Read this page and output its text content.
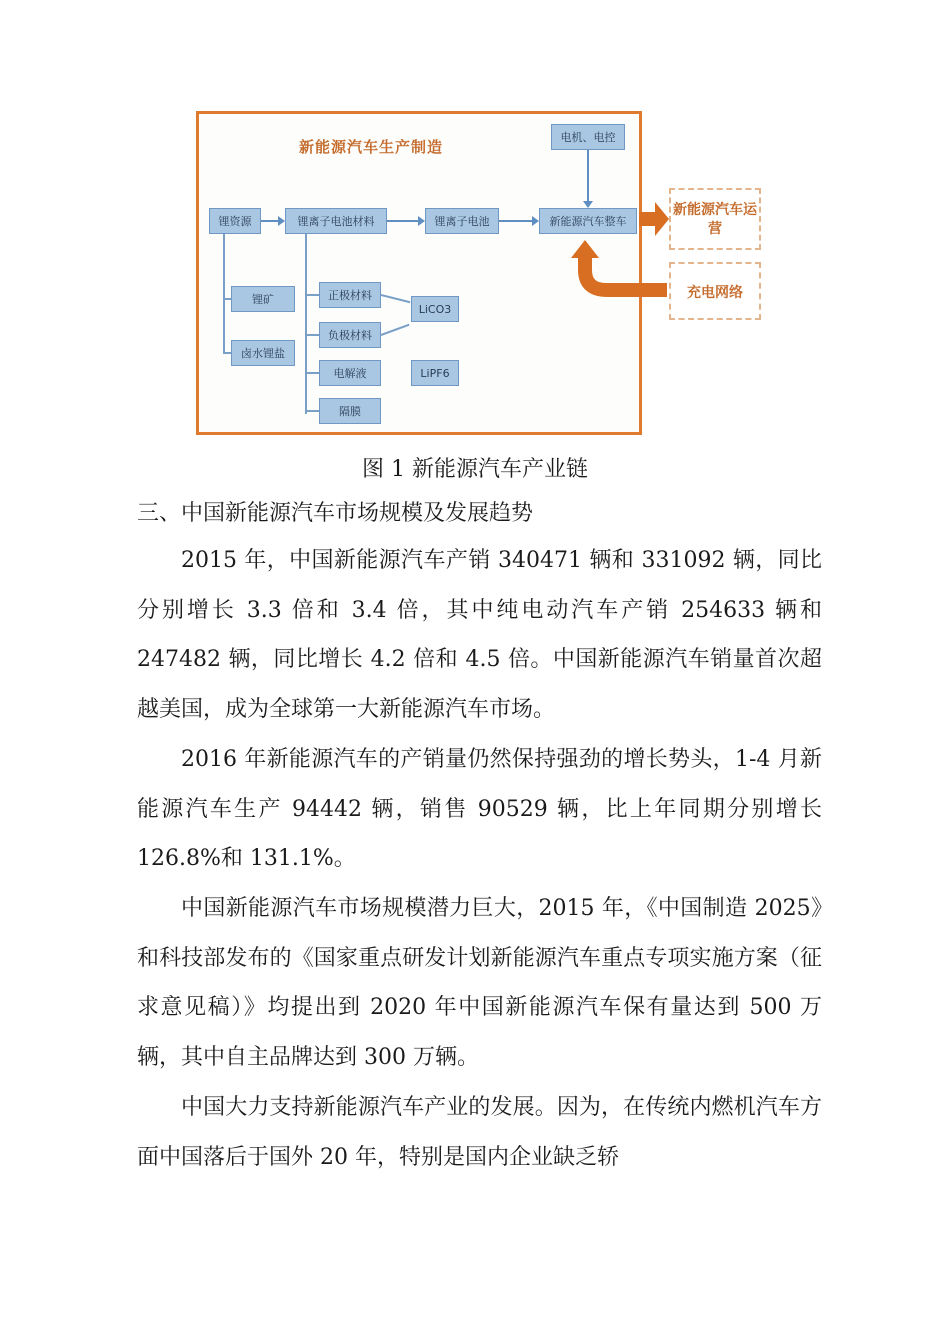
新能源汽车生产制造
电机、电控
锂资源	锂离子电池材料	锂离子电池	新能源汽车整车
锂矿
卤水锂盐
正极材料
负极材料
电解液
隔膜
LiCO3
LiPF6
新能源汽车运营
充电网络
图 1 新能源汽车产业链
三、中国新能源汽车市场规模及发展趋势

2015 年，中国新能源汽车产销 340471 辆和 331092 辆，同比分别增长 3.3 倍和 3.4 倍，其中纯电动汽车产销 254633 辆和 247482 辆，同比增长 4.2 倍和 4.5 倍。中国新能源汽车销量首次超越美国，成为全球第一大新能源汽车市场。

2016 年新能源汽车的产销量仍然保持强劲的增长势头，1-4 月新能源汽车生产 94442 辆，销售 90529 辆，比上年同期分别增长 126.8%和 131.1%。

中国新能源汽车市场规模潜力巨大，2015 年，《中国制造 2025》和科技部发布的《国家重点研发计划新能源汽车重点专项实施方案（征求意见稿）》均提出到 2020 年中国新能源汽车保有量达到 500 万辆，其中自主品牌达到 300 万辆。

中国大力支持新能源汽车产业的发展。因为，在传统内燃机汽车方面中国落后于国外 20 年，特别是国内企业缺乏轿
